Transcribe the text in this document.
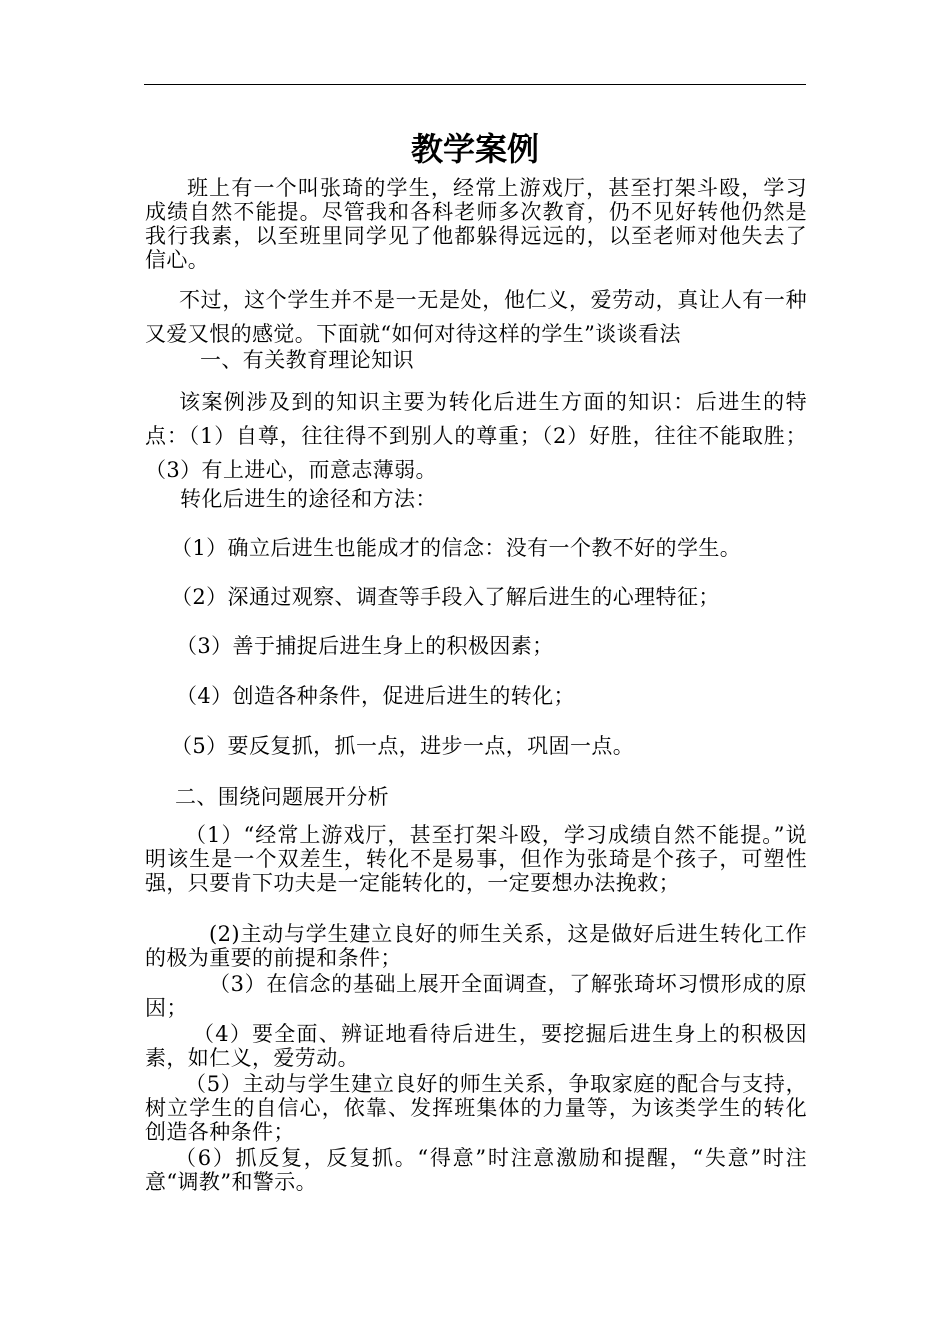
教学案例

班上有一个叫张琦的学生，经常上游戏厅，甚至打架斗殴，学习成绩自然不能提。尽管我和各科老师多次教育，仍不见好转他仍然是我行我素，以至班里同学见了他都躲得远远的，以至老师对他失去了信心。

不过，这个学生并不是一无是处，他仁义，爱劳动，真让人有一种又爱又恨的感觉。下面就“如何对待这样的学生”谈谈看法

一、有关教育理论知识

该案例涉及到的知识主要为转化后进生方面的知识：后进生的特点：（1）自尊，往往得不到别人的尊重；（2）好胜，往往不能取胜；（3）有上进心，而意志薄弱。

转化后进生的途径和方法：

（1）确立后进生也能成才的信念：没有一个教不好的学生。

（2）深通过观察、调查等手段入了解后进生的心理特征；

（3）善于捕捉后进生身上的积极因素；

（4）创造各种条件，促进后进生的转化；

（5）要反复抓，抓一点，进步一点，巩固一点。

二、围绕问题展开分析

（1）“经常上游戏厅，甚至打架斗殴，学习成绩自然不能提。”说明该生是一个双差生，转化不是易事，但作为张琦是个孩子，可塑性强，只要肯下功夫是一定能转化的，一定要想办法挽救；

(2)主动与学生建立良好的师生关系，这是做好后进生转化工作的极为重要的前提和条件；

（3）在信念的基础上展开全面调查，了解张琦坏习惯形成的原因；

（4）要全面、辨证地看待后进生，要挖掘后进生身上的积极因素，如仁义，爱劳动。

（5）主动与学生建立良好的师生关系，争取家庭的配合与支持，树立学生的自信心，依靠、发挥班集体的力量等，为该类学生的转化创造各种条件；

（6）抓反复，反复抓。“得意”时注意激励和提醒，“失意”时注意“调教”和警示。
